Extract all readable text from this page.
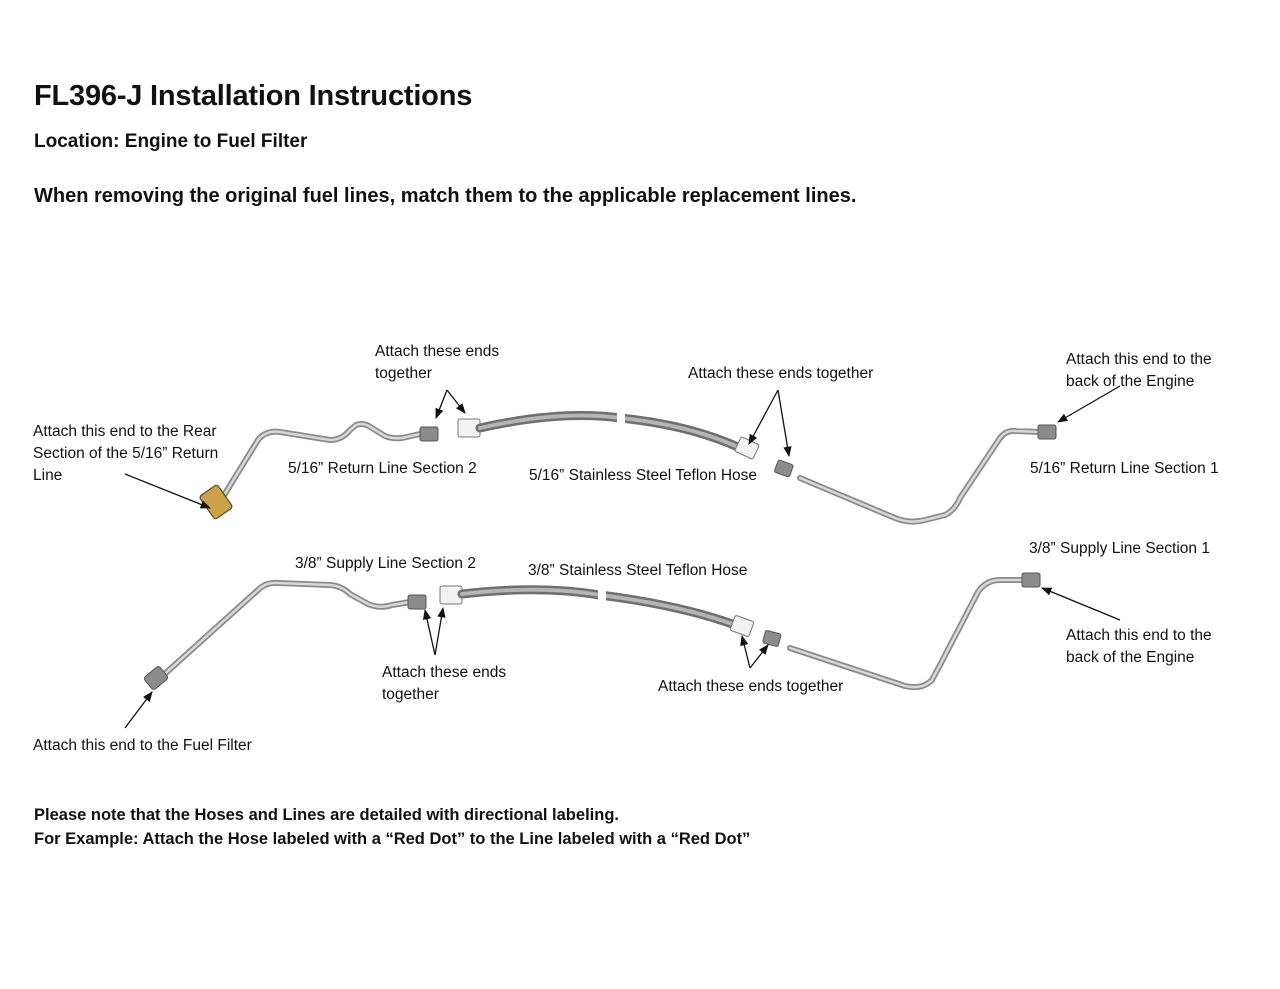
FL396-J Installation Instructions
Location: Engine to Fuel Filter
When removing the original fuel lines, match them to the applicable replacement lines.
Attach this end to the Rear
Section of the 5/16” Return
Line
Attach these ends
together	Attach these ends together
Attach this end to the
back of the Engine
5/16” Return Line Section 2	5/16” Stainless Steel Teflon Hose	5/16” Return Line Section 1
3/8” Supply Line Section 2	3/8” Stainless Steel Teflon Hose
3/8” Supply Line Section 1
Attach this end to the
back of the Engine
Attach these ends
together	Attach these ends together
Attach this end to the Fuel Filter
Please note that the Hoses and Lines are detailed with directional labeling.
For Example: Attach the Hose labeled with a “Red Dot” to the Line labeled with a “Red Dot”
